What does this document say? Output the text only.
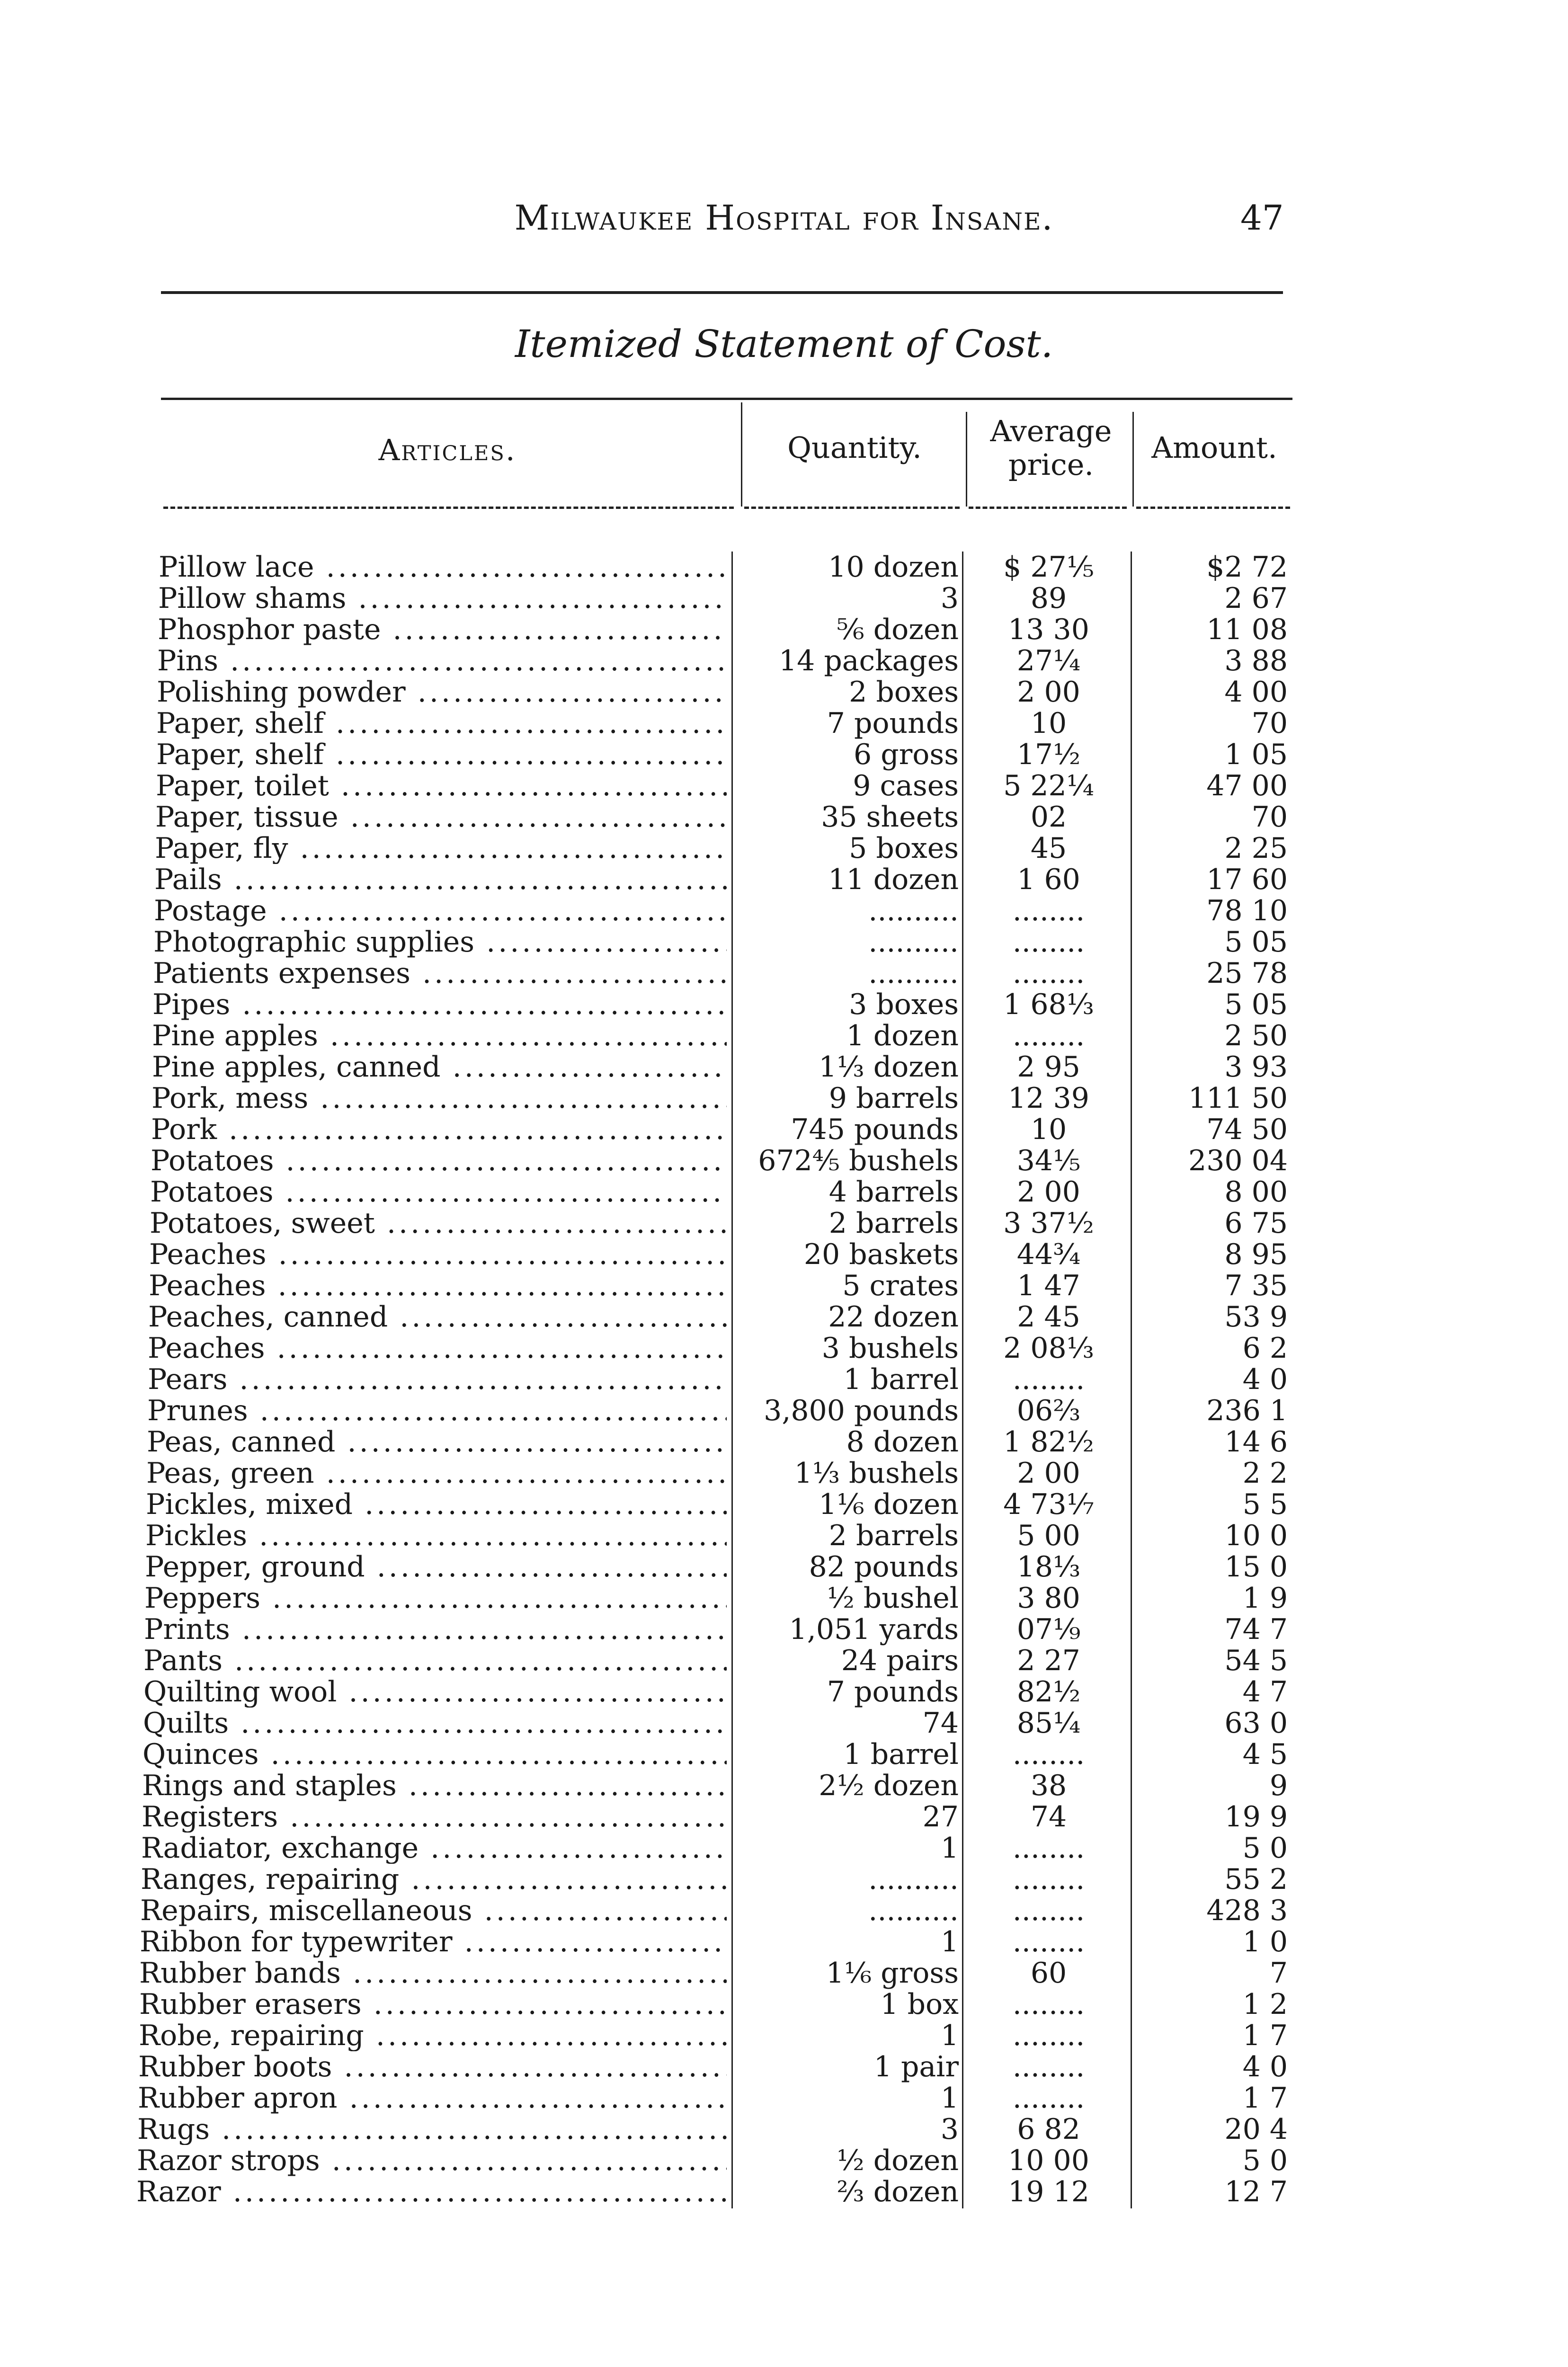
Milwaukee Hospital for Insane.	47
Itemized Statement of Cost.
Articles.	Quantity.	Average price.	Amount.
Pillow lace .....	10 dozen	$ 27⅕	$2 72
Pillow shams .....	3	89	2 67
Phosphor paste .....	⅚ dozen	13 30	11 08
Pins .....	14 packages	27¼	3 88
Polishing powder .....	2 boxes	2 00	4 00
Paper, shelf .....	7 pounds	10	70
Paper, shelf .....	6 gross	17½	1 05
Paper, toilet .....	9 cases	5 22¼	47 00
Paper, tissue .....	35 sheets	02	70
Paper, fly .....	5 boxes	45	2 25
Pails .....	11 dozen	1 60	17 60
Postage .....	..........	........	78 10
Photographic supplies .....	..........	........	5 05
Patients expenses .....	..........	........	25 78
Pipes .....	3 boxes	1 68⅓	5 05
Pine apples .....	1 dozen	........	2 50
Pine apples, canned .....	1⅓ dozen	2 95	3 93
Pork, mess .....	9 barrels	12 39	111 50
Pork .....	745 pounds	10	74 50
Potatoes .....	672⅘ bushels	34⅕	230 04
Potatoes .....	4 barrels	2 00	8 00
Potatoes, sweet .....	2 barrels	3 37½	6 75
Peaches .....	20 baskets	44¾	8 95
Peaches .....	5 crates	1 47	7 35
Peaches, canned .....	22 dozen	2 45	53 9
Peaches .....	3 bushels	2 08⅓	6 2
Pears .....	1 barrel	........	4 0
Prunes .....	3,800 pounds	06⅔	236 1
Peas, canned .....	8 dozen	1 82½	14 6
Peas, green .....	1⅓ bushels	2 00	2 2
Pickles, mixed .....	1⅙ dozen	4 73⅐	5 5
Pickles .....	2 barrels	5 00	10 0
Pepper, ground .....	82 pounds	18⅓	15 0
Peppers .....	½ bushel	3 80	1 9
Prints .....	1,051 yards	07⅑	74 7
Pants .....	24 pairs	2 27	54 5
Quilting wool .....	7 pounds	82½	4 7
Quilts .....	74	85¼	63 0
Quinces .....	1 barrel	........	4 5
Rings and staples .....	2½ dozen	38	9
Registers .....	27	74	19 9
Radiator, exchange .....	1	........	5 0
Ranges, repairing .....	..........	........	55 2
Repairs, miscellaneous .....	..........	........	428 3
Ribbon for typewriter .....	1	........	1 0
Rubber bands .....	1⅙ gross	60	7
Rubber erasers .....	1 box	........	1 2
Robe, repairing .....	1	........	1 7
Rubber boots .....	1 pair	........	4 0
Rubber apron .....	1	........	1 7
Rugs .....	3	6 82	20 4
Razor strops .....	½ dozen	10 00	5 0
Razor .....	⅔ dozen	19 12	12 7
